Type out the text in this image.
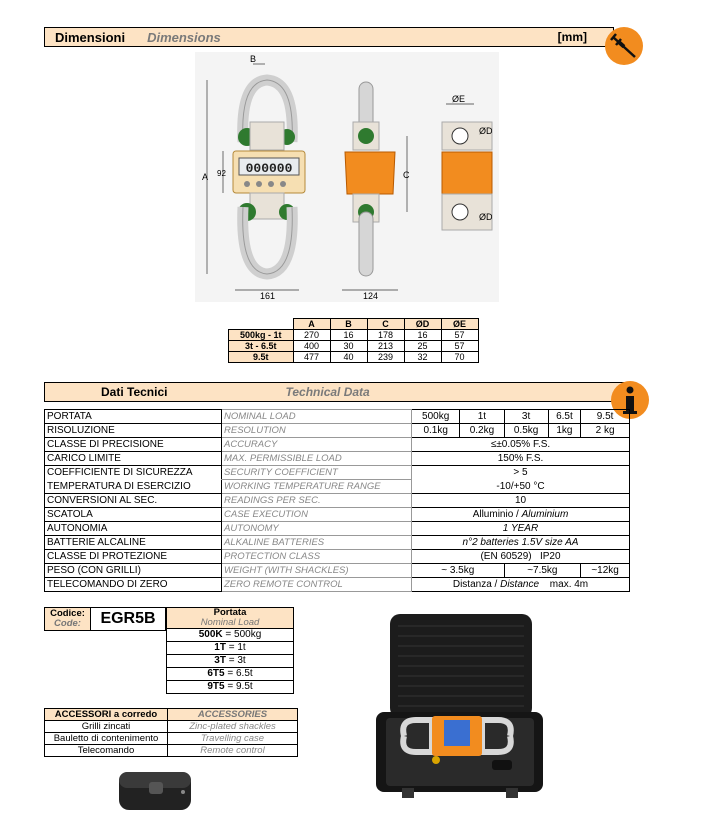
Dimensioni Dimensions	[mm]
000000
A 92
B
161
C
124
ØE
ØD
ØD
	A	B	C	ØD	ØE
500kg - 1t	270	16	178	16	57
3t - 6.5t	400	30	213	25	57
9.5t	477	40	239	32	70
Dati Tecnici	Technical Data
PORTATA	NOMINAL LOAD	500kg	1t	3t	6.5t	9.5t
RISOLUZIONE	RESOLUTION	0.1kg	0.2kg	0.5kg	1kg	2 kg
CLASSE DI PRECISIONE	ACCURACY	≤±0.05% F.S.				
CARICO LIMITE	MAX. PERMISSIBLE LOAD	150% F.S.				
COEFFICIENTE DI SICUREZZA	SECURITY COEFFICIENT	> 5				
TEMPERATURA DI ESERCIZIO	WORKING TEMPERATURE RANGE	-10/+50 °C				
CONVERSIONI AL SEC.	READINGS PER SEC.	10				
SCATOLA	CASE EXECUTION	Alluminio / Aluminium				
AUTONOMIA	AUTONOMY	1 YEAR				
BATTERIE ALCALINE	ALKALINE BATTERIES	n°2 batteries 1.5V size AA				
CLASSE DI PROTEZIONE	PROTECTION CLASS	(EN 60529)   IP20				
PESO (CON GRILLI)	WEIGHT (WITH SHACKLES)	~ 3.5kg		~7.5kg		~12kg
TELECOMANDO DI ZERO	ZERO REMOTE CONTROL	Distanza / Distance max. 4m				
Codice:
Code:	EGR5B	Portata
Nominal Load

500K = 500kg
1T = 1t
3T = 3t
6T5 = 6.5t
9T5 = 9.5t
ACCESSORI a corredo	ACCESSORIES
Grilli zincati	Zinc-plated shackles
Bauletto di contenimento	Travelling case
Telecomando	Remote control
